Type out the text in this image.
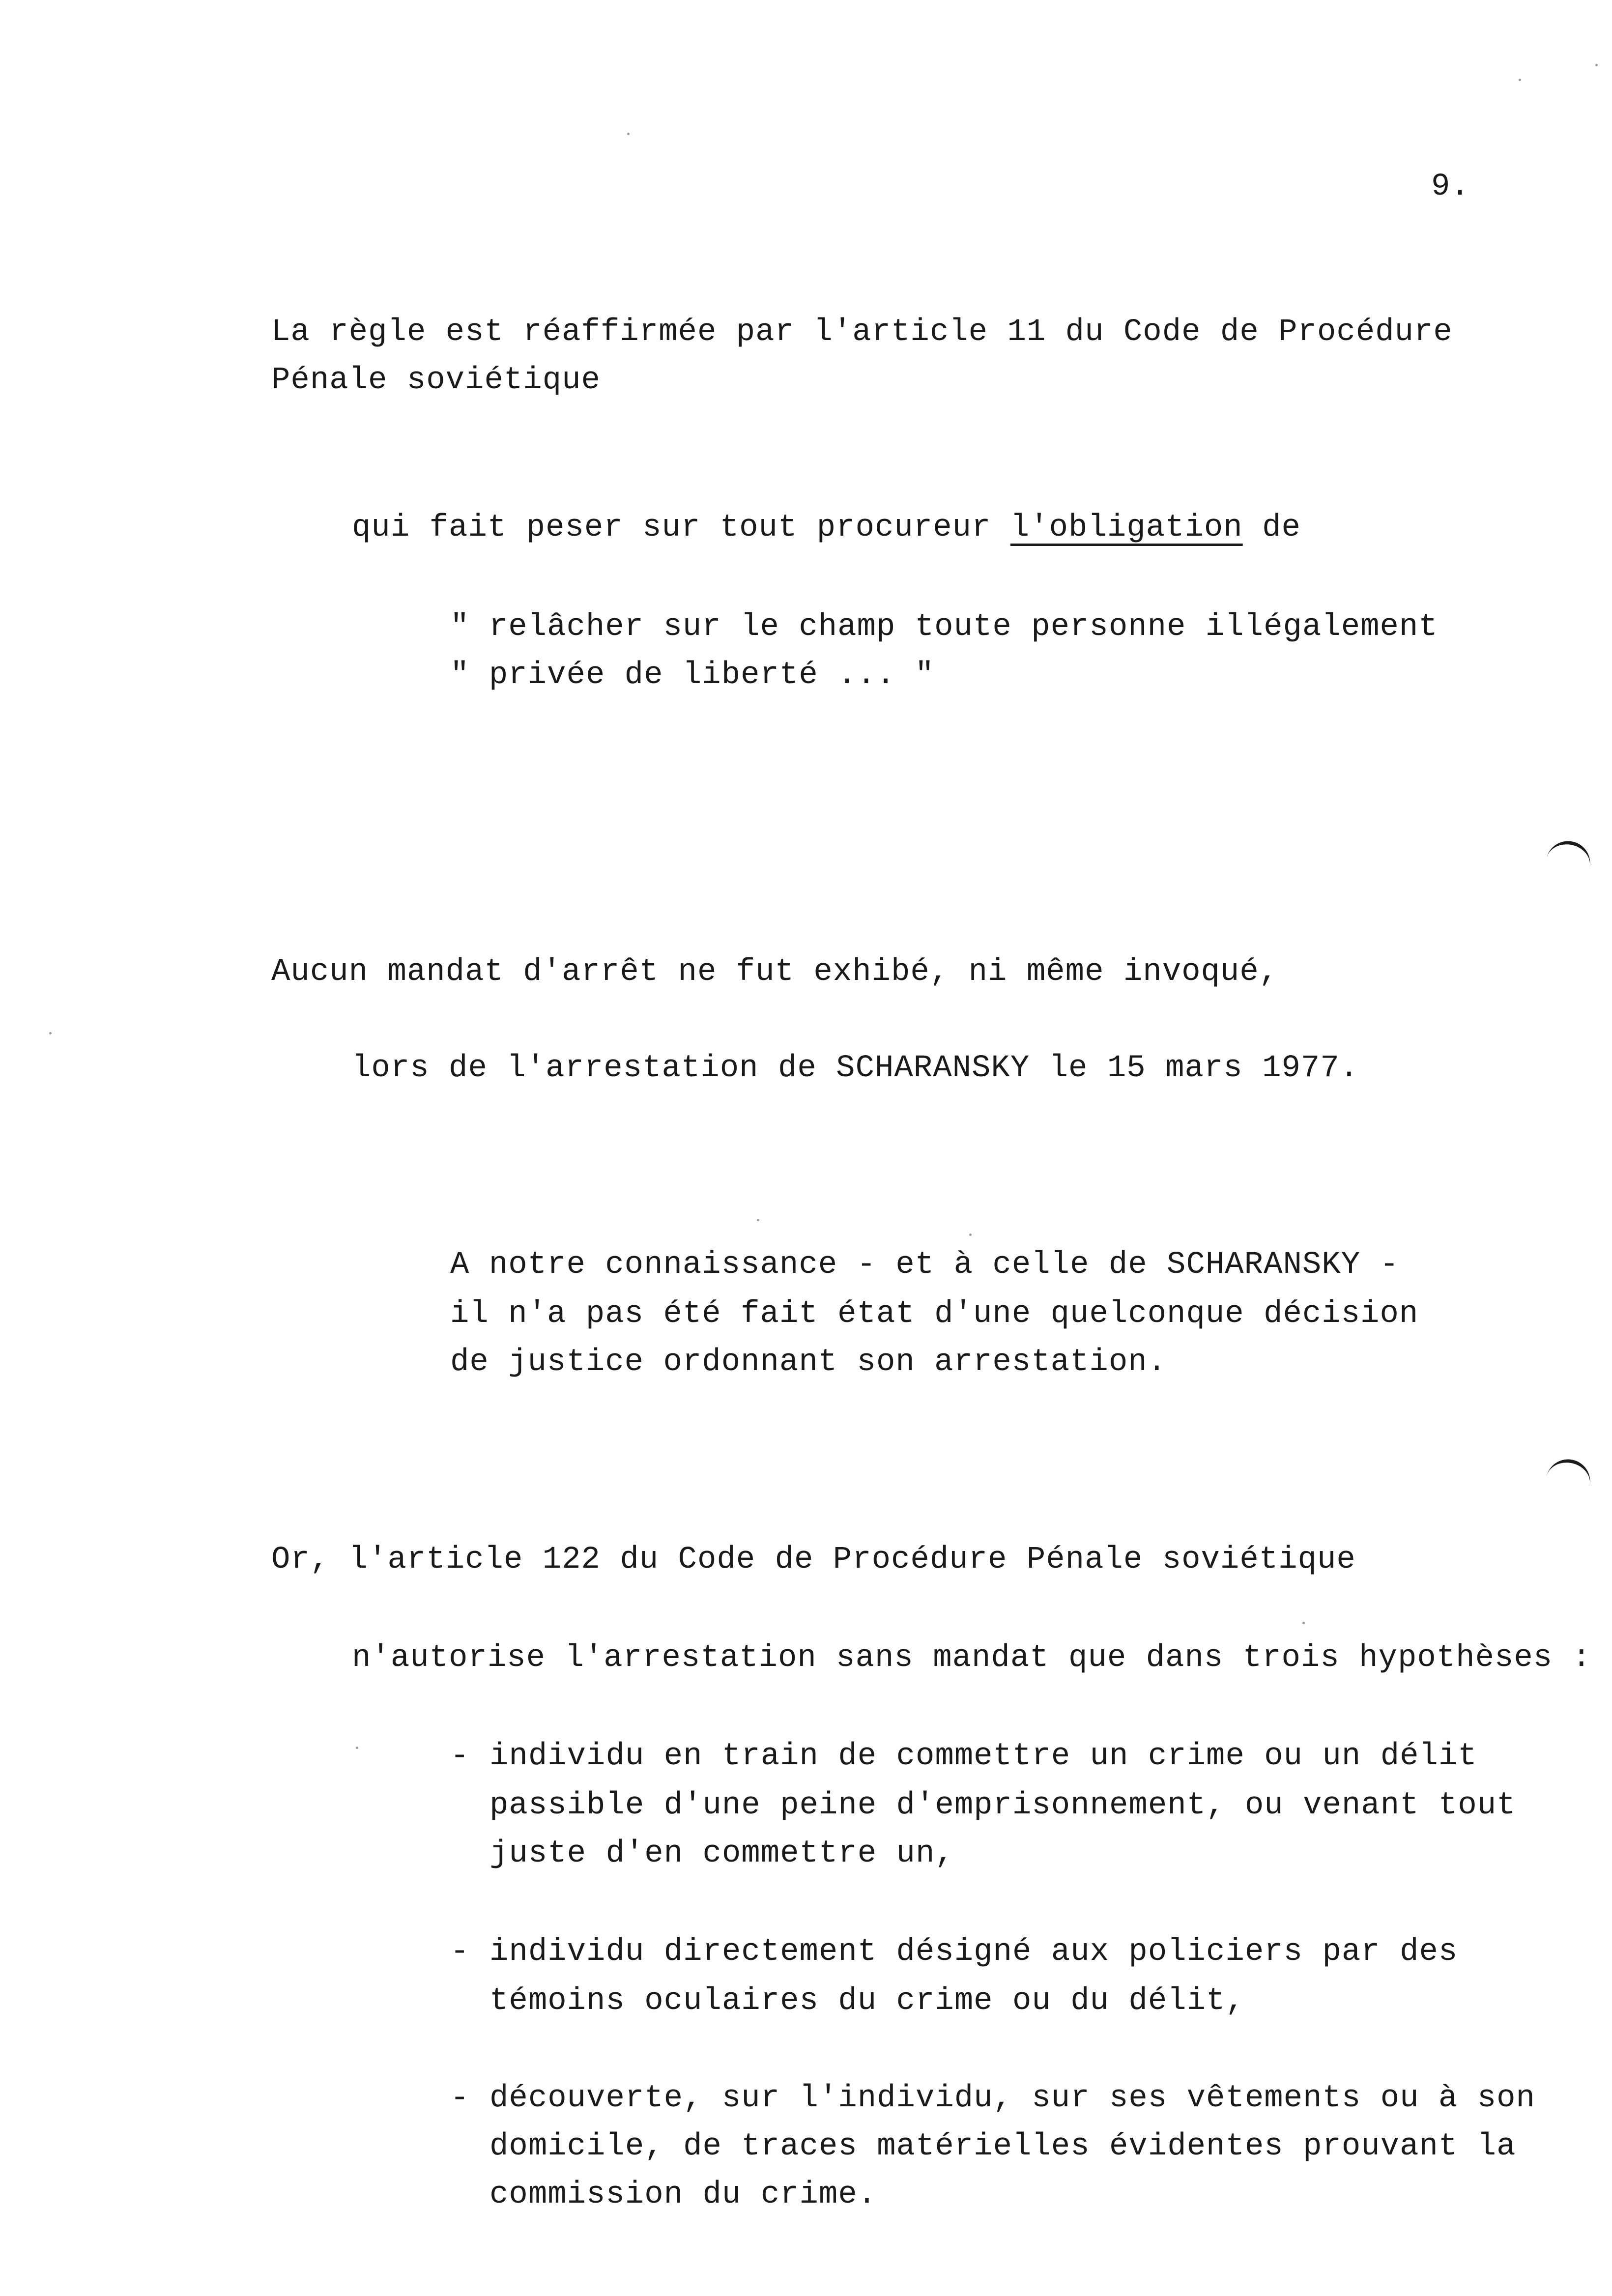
9.
La règle est réaffirmée par l'article 11 du Code de Procédure
Pénale soviétique
qui fait peser sur tout procureur l'obligation de
" relâcher sur le champ toute personne illégalement
" privée de liberté ... "
Aucun mandat d'arrêt ne fut exhibé, ni même invoqué,
lors de l'arrestation de SCHARANSKY le 15 mars 1977.
A notre connaissance - et à celle de SCHARANSKY -
il n'a pas été fait état d'une quelconque décision
de justice ordonnant son arrestation.
Or, l'article 122 du Code de Procédure Pénale soviétique
n'autorise l'arrestation sans mandat que dans trois hypothèses :
- individu en train de commettre un crime ou un délit
passible d'une peine d'emprisonnement, ou venant tout
juste d'en commettre un,
- individu directement désigné aux policiers par des
témoins oculaires du crime ou du délit,
- découverte, sur l'individu, sur ses vêtements ou à son
domicile, de traces matérielles évidentes prouvant la
commission du crime.
